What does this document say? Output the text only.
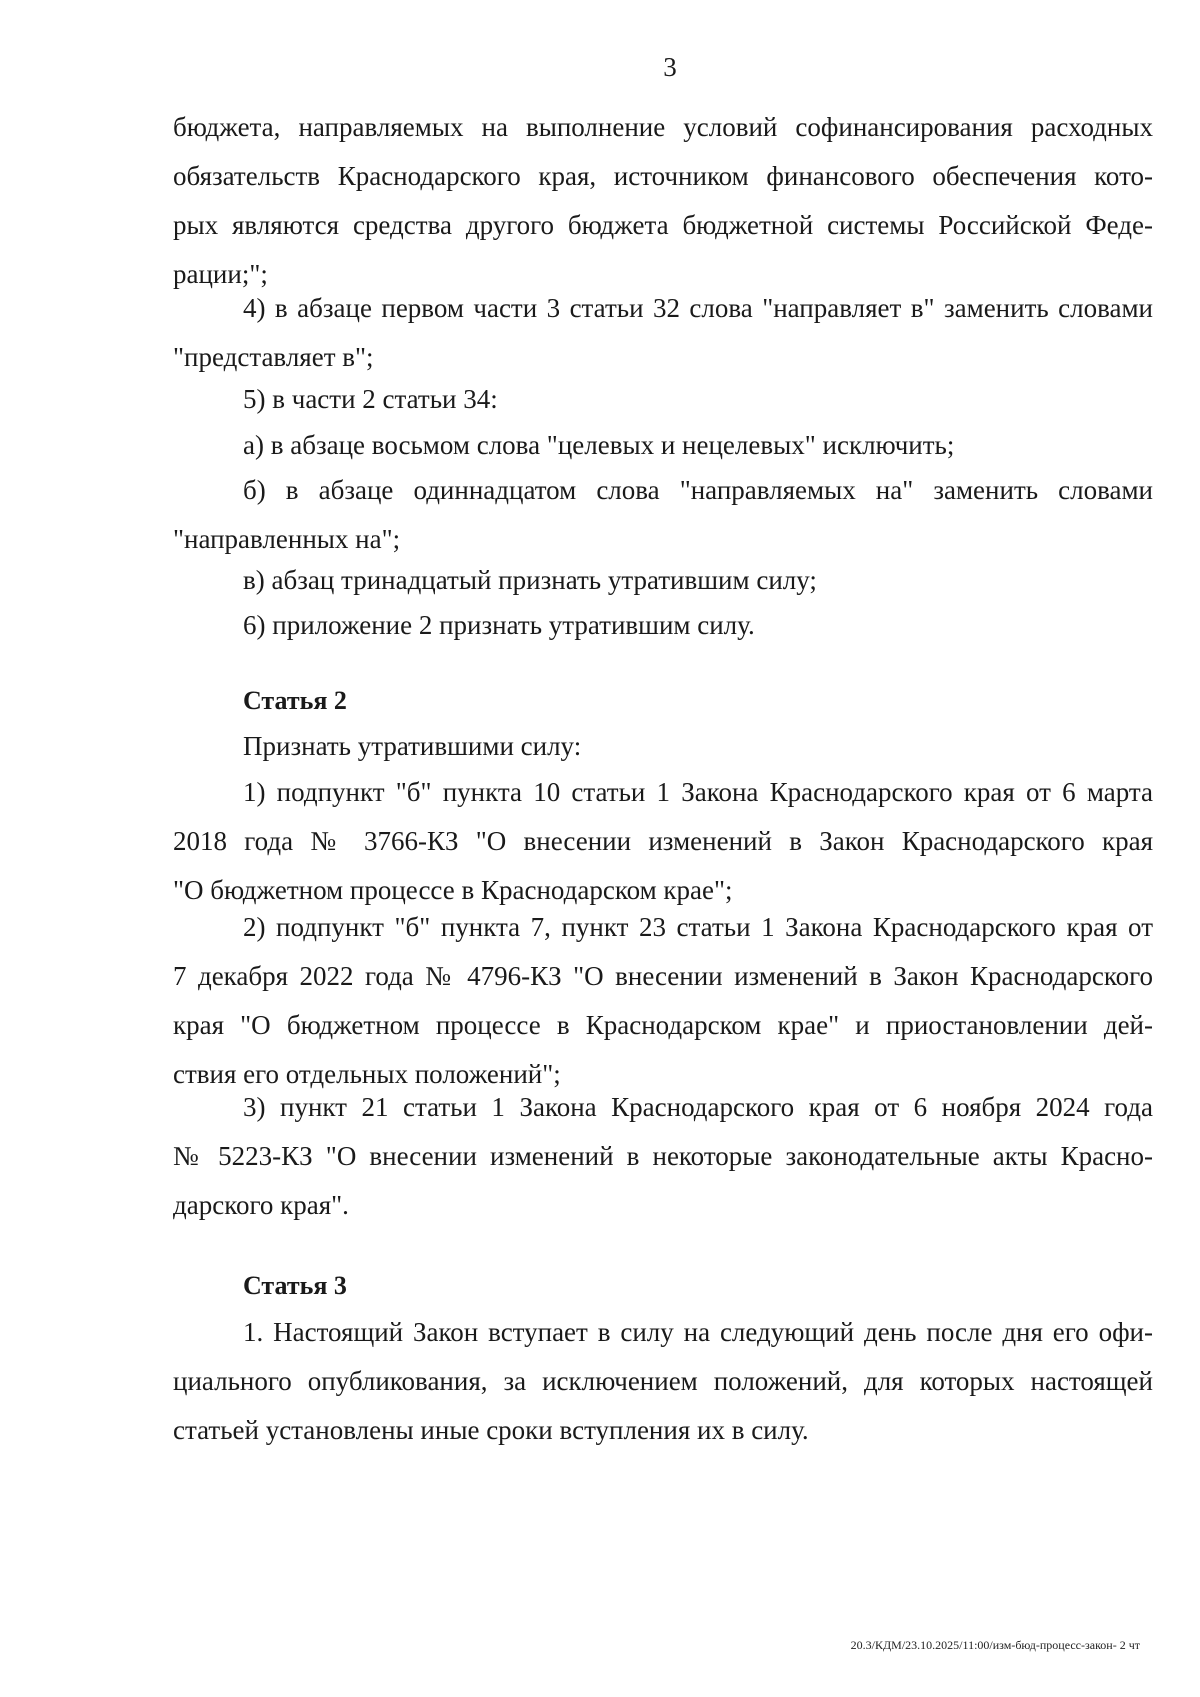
3
бюджета, направляемых на выполнение условий софинансирования расходных
обязательств Краснодарского края, источником финансового обеспечения кото-
рых являются средства другого бюджета бюджетной системы Российской Феде-
рации;";
4) в абзаце первом части 3 статьи 32 слова "направляет в" заменить словами
"представляет в";
5) в части 2 статьи 34:
а) в абзаце восьмом слова "целевых и нецелевых" исключить;
б) в абзаце одиннадцатом слова "направляемых на" заменить словами
"направленных на";
в) абзац тринадцатый признать утратившим силу;
6) приложение 2 признать утратившим силу.
Статья 2
Признать утратившими силу:
1) подпункт "б" пункта 10 статьи 1 Закона Краснодарского края от 6 марта
2018 года № 3766-КЗ "О внесении изменений в Закон Краснодарского края
"О бюджетном процессе в Краснодарском крае";
2) подпункт "б" пункта 7, пункт 23 статьи 1 Закона Краснодарского края от
7 декабря 2022 года № 4796-КЗ "О внесении изменений в Закон Краснодарского
края "О бюджетном процессе в Краснодарском крае" и приостановлении дей-
ствия его отдельных положений";
3) пункт 21 статьи 1 Закона Краснодарского края от 6 ноября 2024 года
№ 5223-КЗ "О внесении изменений в некоторые законодательные акты Красно-
дарского края".
Статья 3
1. Настоящий Закон вступает в силу на следующий день после дня его офи-
циального опубликования, за исключением положений, для которых настоящей
статьей установлены иные сроки вступления их в силу.
20.3/КДМ/23.10.2025/11:00/изм-бюд-процесс-закон- 2 чт
